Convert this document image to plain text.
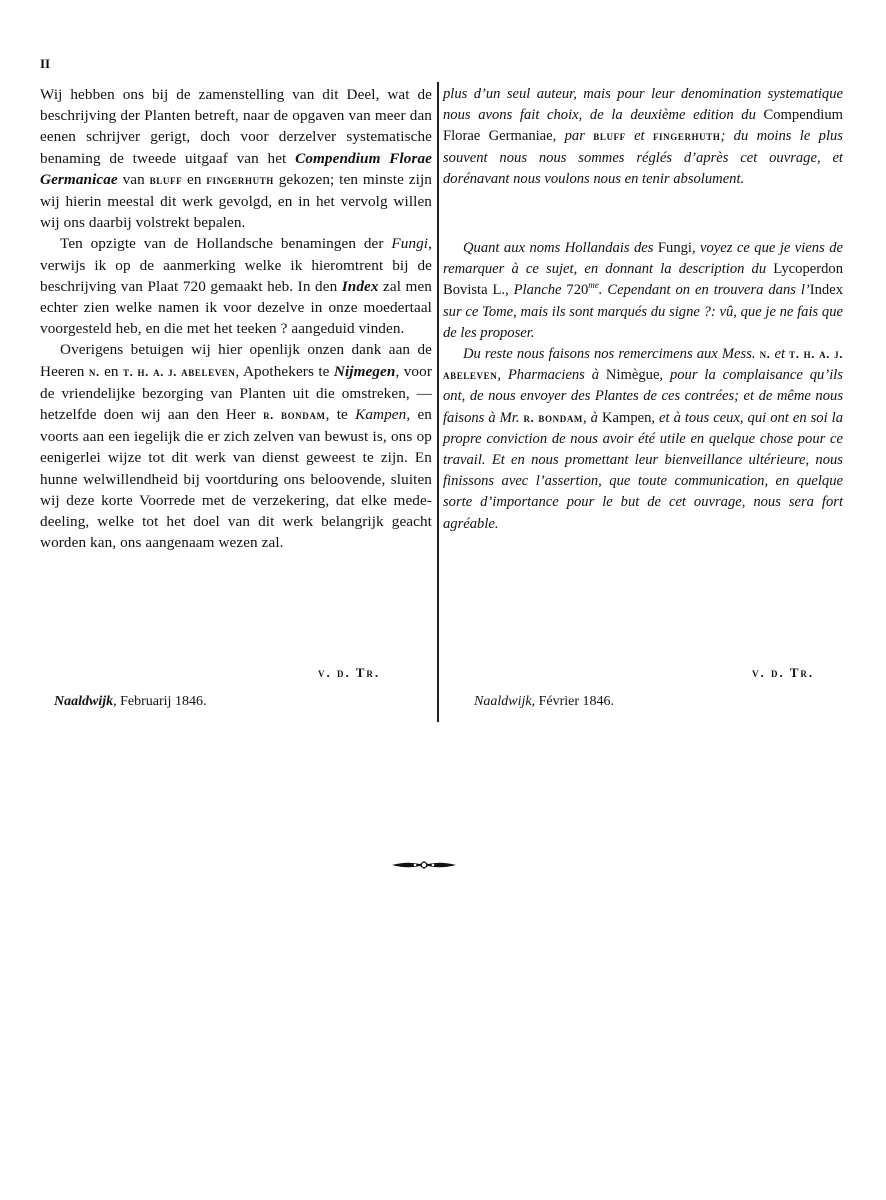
II

Wij hebben ons bij de zamenstelling van dit Deel, wat de beschrijving der Planten betreft, naar de opgaven van meer dan eenen schrijver gerigt, doch voor derzelver systematische benaming de tweede uitgaaf van het Compendium Florae Germanicae van bluff en fingerhuth gekozen; ten minste zijn wij hierin meestal dit werk gevolgd, en in het vervolg willen wij ons daarbij volstrekt bepalen.

Ten opzigte van de Hollandsche benamingen der Fungi, verwijs ik op de aanmerking welke ik hieromtrent bij de beschrijving van Plaat 720 gemaakt heb. In den Index zal men echter zien welke namen ik voor dezelve in onze moedertaal voorgesteld heb, en die met het teeken ? aangeduid vinden.

Overigens betuigen wij hier openlijk onzen dank aan de Heeren n. en t. h. a. j. abeleven, Apothekers te Nijmegen, voor de vriendelijke bezorging van Planten uit die omstreken, — hetzelfde doen wij aan den Heer r. bondam, te Kampen, en voorts aan een iegelijk die er zich zelven van bewust is, ons op eenigerlei wijze tot dit werk van dienst geweest te zijn. En hunne welwillendheid bij voortduring ons beloovende, sluiten wij deze korte Voorrede met de verzekering, dat elke mede-deeling, welke tot het doel van dit werk belangrijk geacht worden kan, ons aangenaam wezen zal.

v. d. Tr.
Naaldwijk, Februarij 1846.

plus d’un seul auteur, mais pour leur denomination systematique nous avons fait choix, de la deuxième edition du Compendium Florae Germaniae, par bluff et fingerhuth; du moins le plus souvent nous nous sommes réglés d’après cet ouvrage, et dorénavant nous voulons nous en tenir absolument.

Quant aux noms Hollandais des Fungi, voyez ce que je viens de remarquer à ce sujet, en donnant la description du Lycoperdon Bovista L., Planche $720^{me}$. Cependant on en trouvera dans l’Index sur ce Tome, mais ils sont marqués du signe ?: vû, que je ne fais que de les proposer.

Du reste nous faisons nos remercimens aux Mess. n. et t. h. a. j. abeleven, Pharmaciens à Nimègue, pour la complaisance qu’ils ont, de nous envoyer des Plantes de ces contrées; et de même nous faisons à Mr. r. bondam, à Kampen, et à tous ceux, qui ont en soi la propre conviction de nous avoir été utile en quelque chose pour ce travail. Et en nous promettant leur bienveillance ultérieure, nous finissons avec l’assertion, que toute communication, en quelque sorte d’importance pour le but de cet ouvrage, nous sera fort agréable.

v. d. Tr.
Naaldwijk, Février 1846.
